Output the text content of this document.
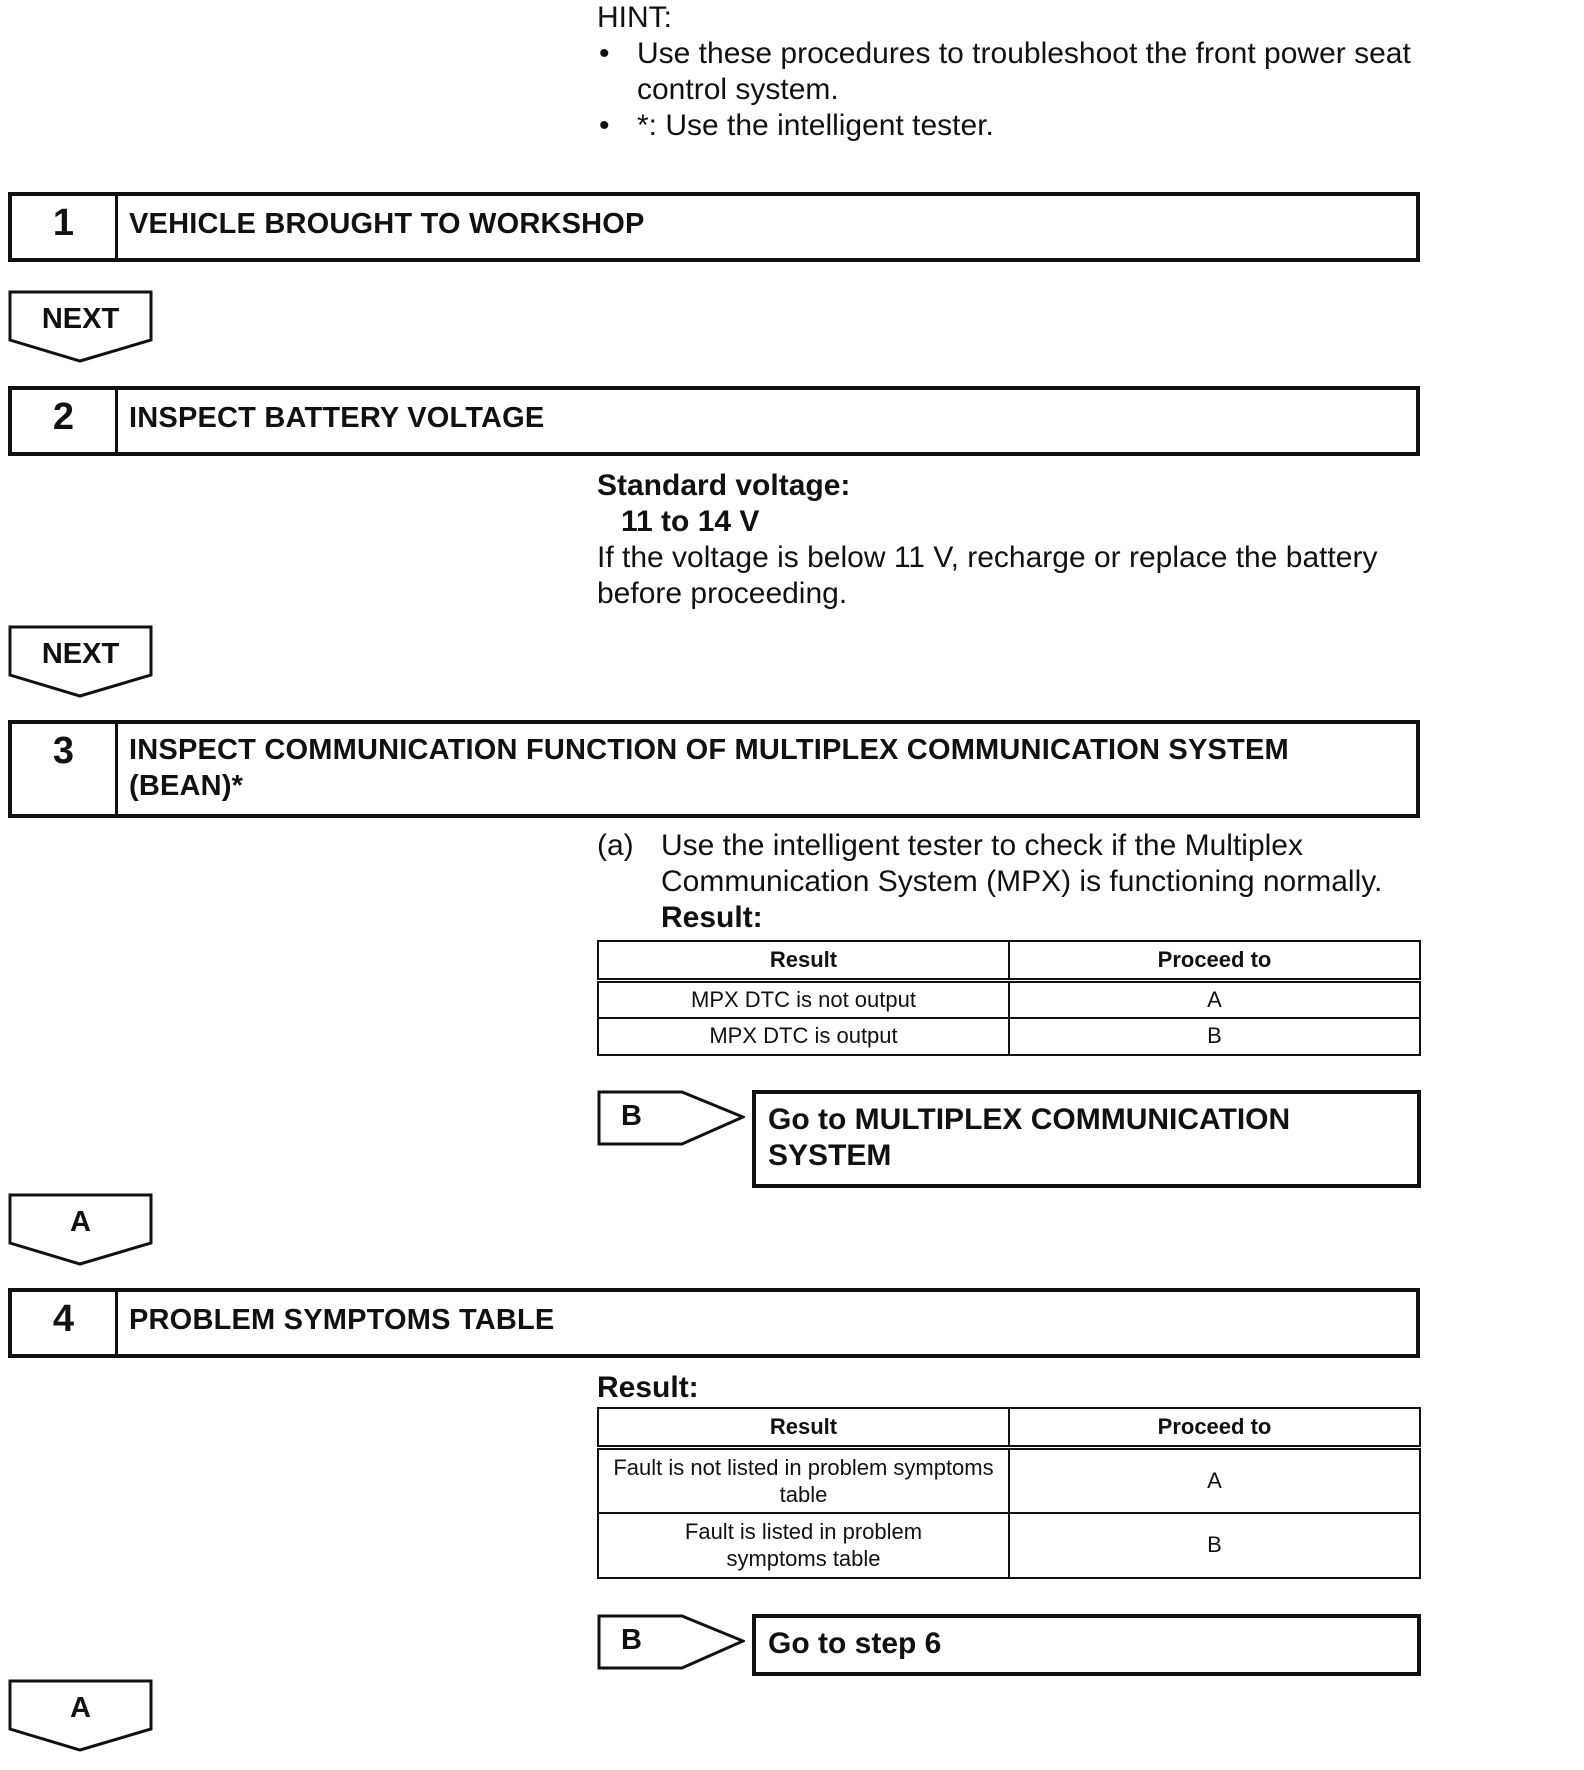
HINT:
• Use these procedures to troubleshoot the front power seat control system.
• *: Use the intelligent tester.
1	VEHICLE BROUGHT TO WORKSHOP
NEXT
2	INSPECT BATTERY VOLTAGE
Standard voltage:
11 to 14 V
If the voltage is below 11 V, recharge or replace the battery before proceeding.
NEXT
3	INSPECT COMMUNICATION FUNCTION OF MULTIPLEX COMMUNICATION SYSTEM (BEAN)*
(a) Use the intelligent tester to check if the Multiplex Communication System (MPX) is functioning normally.
Result:
Result	Proceed to
MPX DTC is not output	A
MPX DTC is output	B
B	Go to MULTIPLEX COMMUNICATION SYSTEM
A
4	PROBLEM SYMPTOMS TABLE
Result:
Result	Proceed to
Fault is not listed in problem symptoms table	A
Fault is listed in problem symptoms table	B
B	Go to step 6
A
